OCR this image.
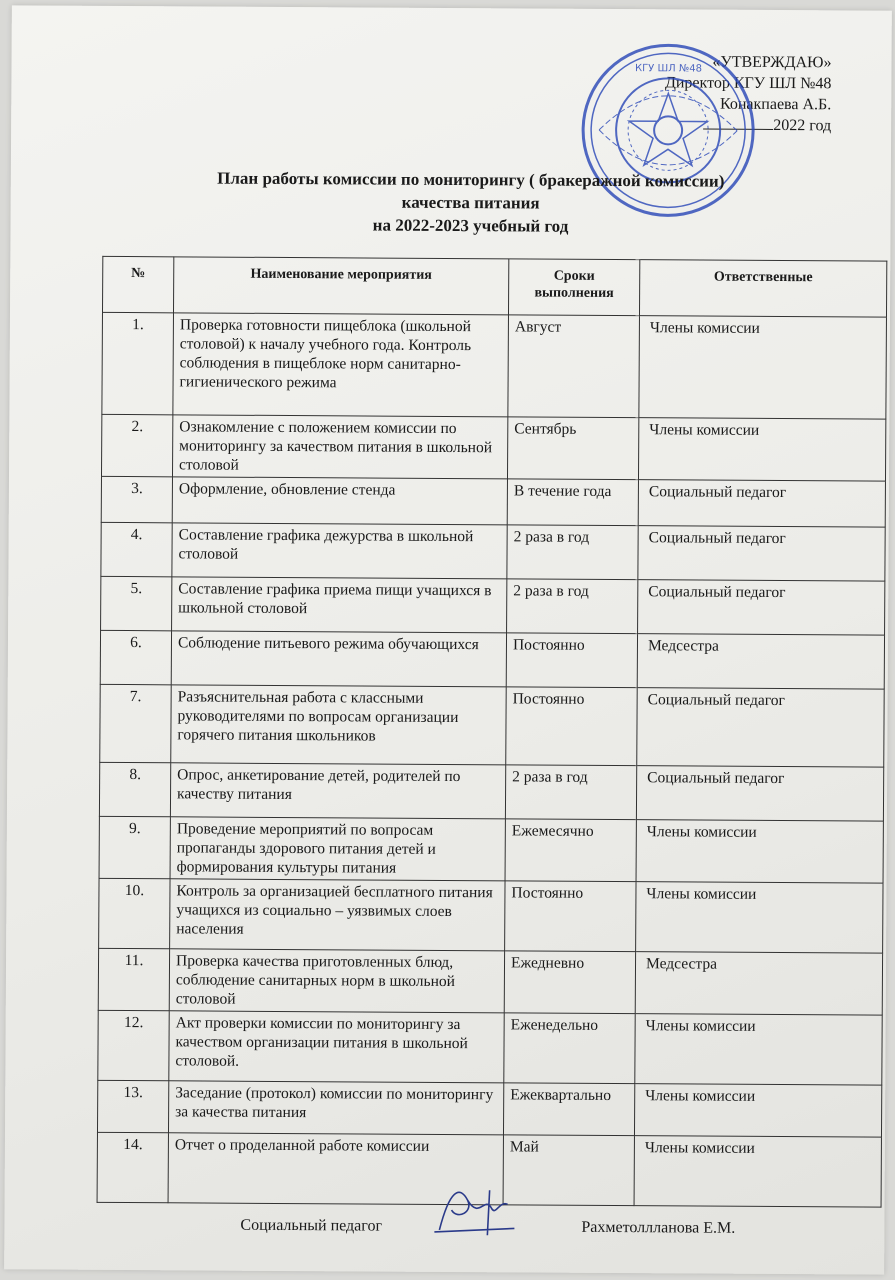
«УТВЕРЖДАЮ»
Директор КГУ ШЛ №48
Конакпаева А.Б.
2022 год
КГУ ШЛ №48
План работы комиссии по мониторингу ( бракеражной комиссии)
качества питания
на 2022-2023 учебный год
№	Наименование мероприятия	Сроки выполнения	Ответственные
1.	Проверка готовности пищеблока (школьной столовой) к началу учебного года. Контроль соблюдения в пищеблоке норм санитарно-гигиенического режима	Август	Члены комиссии
2.	Ознакомление с положением комиссии по мониторингу за качеством питания в школьной столовой	Сентябрь	Члены комиссии
3.	Оформление, обновление стенда	В течение года	Социальный педагог
4.	Составление графика дежурства в школьной столовой	2 раза в год	Социальный педагог
5.	Составление графика приема пищи учащихся в школьной столовой	2 раза в год	Социальный педагог
6.	Соблюдение питьевого режима обучающихся	Постоянно	Медсестра
7.	Разъяснительная работа с классными руководителями по вопросам организации горячего питания школьников	Постоянно	Социальный педагог
8.	Опрос, анкетирование детей, родителей по качеству питания	2 раза в год	Социальный педагог
9.	Проведение мероприятий по вопросам пропаганды здорового питания детей и формирования культуры питания	Ежемесячно	Члены комиссии
10.	Контроль за организацией бесплатного питания учащихся из социально – уязвимых слоев населения	Постоянно	Члены комиссии
11.	Проверка качества приготовленных блюд, соблюдение санитарных норм в школьной столовой	Ежедневно	Медсестра
12.	Акт проверки комиссии по мониторингу за качеством организации питания в школьной столовой.	Еженедельно	Члены комиссии
13.	Заседание (протокол) комиссии по мониторингу за качества питания	Ежеквартально	Члены комиссии
14.	Отчет о проделанной работе комиссии	Май	Члены комиссии
Социальный педагог	Рахметоллланова Е.М.
